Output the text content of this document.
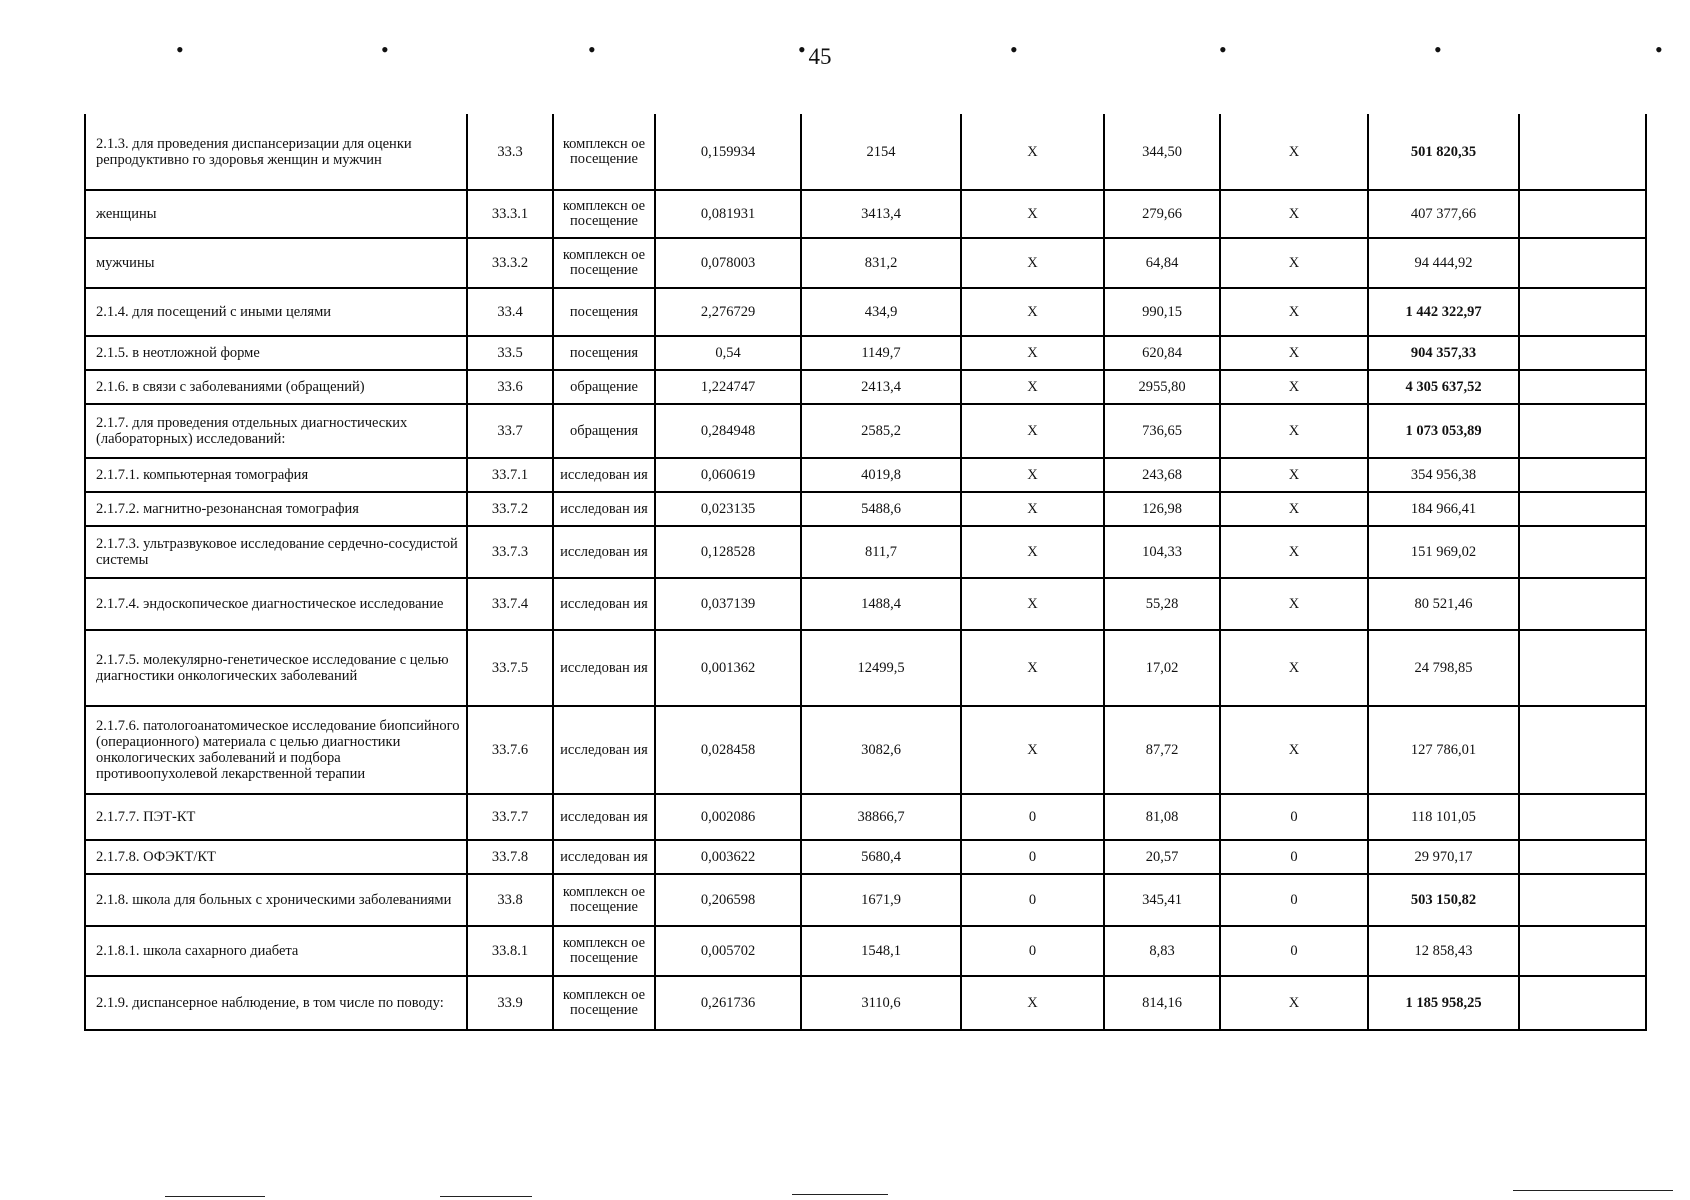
•	•	•	•	•	•	•	•
45
2.1.3. для проведения диспансеризации для оценки репродуктивно го здоровья женщин и мужчин	33.3	комплексн ое посещение	0,159934	2154	X	344,50	X	501 820,35	
женщины	33.3.1	комплексн ое посещение	0,081931	3413,4	X	279,66	X	407 377,66	
мужчины	33.3.2	комплексн ое посещение	0,078003	831,2	X	64,84	X	94 444,92	
2.1.4. для посещений с иными целями	33.4	посещения	2,276729	434,9	X	990,15	X	1 442 322,97	
2.1.5. в неотложной форме	33.5	посещения	0,54	1149,7	X	620,84	X	904 357,33	
2.1.6. в связи с заболеваниями (обращений)	33.6	обращение	1,224747	2413,4	X	2955,80	X	4 305 637,52	
2.1.7. для проведения отдельных диагностических (лабораторных) исследований:	33.7	обращения	0,284948	2585,2	X	736,65	X	1 073 053,89	
2.1.7.1. компьютерная томография	33.7.1	исследован ия	0,060619	4019,8	X	243,68	X	354 956,38	
2.1.7.2. магнитно-резонансная томография	33.7.2	исследован ия	0,023135	5488,6	X	126,98	X	184 966,41	
2.1.7.3. ультразвуковое исследование сердечно-сосудистой системы	33.7.3	исследован ия	0,128528	811,7	X	104,33	X	151 969,02	
2.1.7.4. эндоскопическое диагностическое исследование	33.7.4	исследован ия	0,037139	1488,4	X	55,28	X	80 521,46	
2.1.7.5. молекулярно-генетическое исследование с целью диагностики онкологических заболеваний	33.7.5	исследован ия	0,001362	12499,5	X	17,02	X	24 798,85	
2.1.7.6. патологоанатомическое исследование биопсийного (операционного) материала с целью диагностики онкологических заболеваний и подбора противоопухолевой лекарственной терапии	33.7.6	исследован ия	0,028458	3082,6	X	87,72	X	127 786,01	
2.1.7.7. ПЭТ-КТ	33.7.7	исследован ия	0,002086	38866,7	0	81,08	0	118 101,05	
2.1.7.8. ОФЭКТ/КТ	33.7.8	исследован ия	0,003622	5680,4	0	20,57	0	29 970,17	
2.1.8. школа для больных с хроническими заболеваниями	33.8	комплексн ое посещение	0,206598	1671,9	0	345,41	0	503 150,82	
2.1.8.1. школа сахарного диабета	33.8.1	комплексн ое посещение	0,005702	1548,1	0	8,83	0	12 858,43	
2.1.9. диспансерное наблюдение, в том числе по поводу:	33.9	комплексн ое посещение	0,261736	3110,6	X	814,16	X	1 185 958,25	
